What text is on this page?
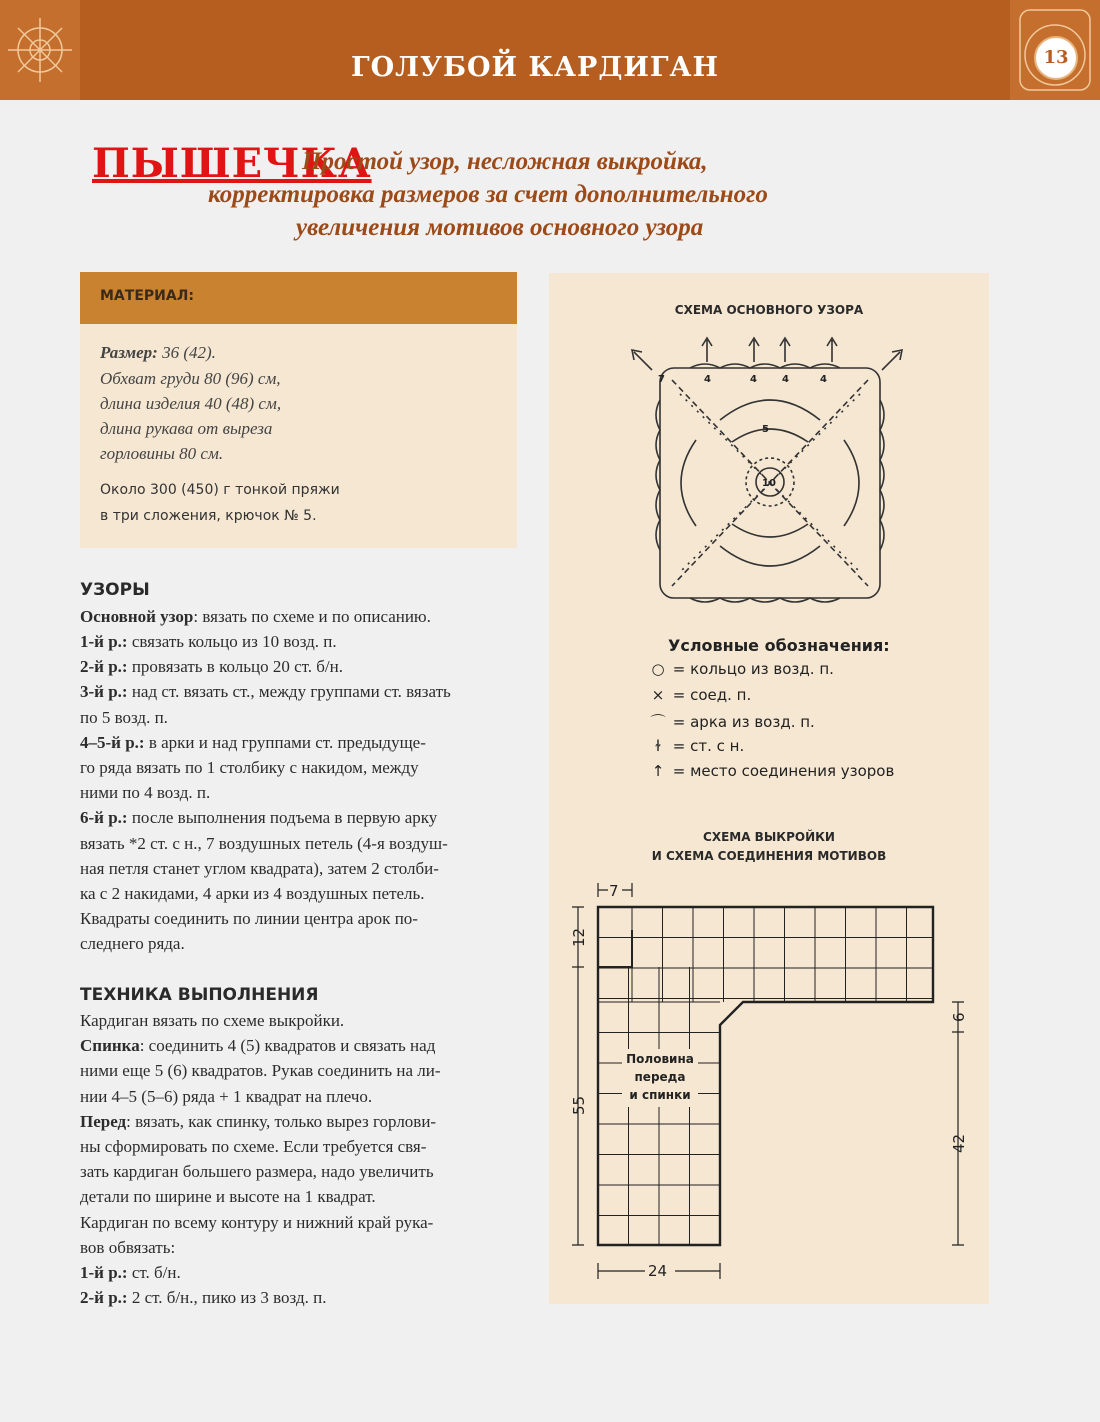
ГОЛУБОЙ КАРДИГАН	13
ПЫШЕЧКА
Простой узор, несложная выкройка,
корректировка размеров за счет дополнительного
увеличения мотивов основного узора
МАТЕРИАЛ:
Размер: 36 (42).
Обхват груди 80 (96) см,
длина изделия 40 (48) см,
длина рукава от выреза
горловины 80 см.
Около 300 (450) г тонкой пряжи
в три сложения, крючок № 5.
УЗОРЫ
Основной узор: вязать по схеме и по описанию.
1-й р.: связать кольцо из 10 возд. п.
2-й р.: провязать в кольцо 20 ст. б/н.
3-й р.: над ст. вязать ст., между группами ст. вязать
по 5 возд. п.
4–5-й р.: в арки и над группами ст. предыдуще-
го ряда вязать по 1 столбику с накидом, между
ними по 4 возд. п.
6-й р.: после выполнения подъема в первую арку
вязать *2 ст. с н., 7 воздушных петель (4-я воздуш-
ная петля станет углом квадрата), затем 2 столби-
ка с 2 накидами, 4 арки из 4 воздушных петель.
Квадраты соединить по линии центра арок по-
следнего ряда.
ТЕХНИКА ВЫПОЛНЕНИЯ
Кардиган вязать по схеме выкройки.
Спинка: соединить 4 (5) квадратов и связать над
ними еще 5 (6) квадратов. Рукав соединить на ли-
нии 4–5 (5–6) ряда + 1 квадрат на плечо.
Перед: вязать, как спинку, только вырез горлови-
ны сформировать по схеме. Если требуется свя-
зать кардиган большего размера, надо увеличить
детали по ширине и высоте на 1 квадрат.
Кардиган по всему контуру и нижний край рука-
вов обвязать:
1-й р.: ст. б/н.
2-й р.: 2 ст. б/н., пико из 3 возд. п.
СХЕМА ОСНОВНОГО УЗОРА
7	4	4	4	4
5
10
Условные обозначения:
○ = кольцо из возд. п.
× = соед. п.
⌒ = арка из возд. п.
ɫ = ст. с н.
↑ = место соединения узоров
СХЕМА ВЫКРОЙКИ
И СХЕМА СОЕДИНЕНИЯ МОТИВОВ
Половина
переда
и спинки
7
24
12
55
6
42
